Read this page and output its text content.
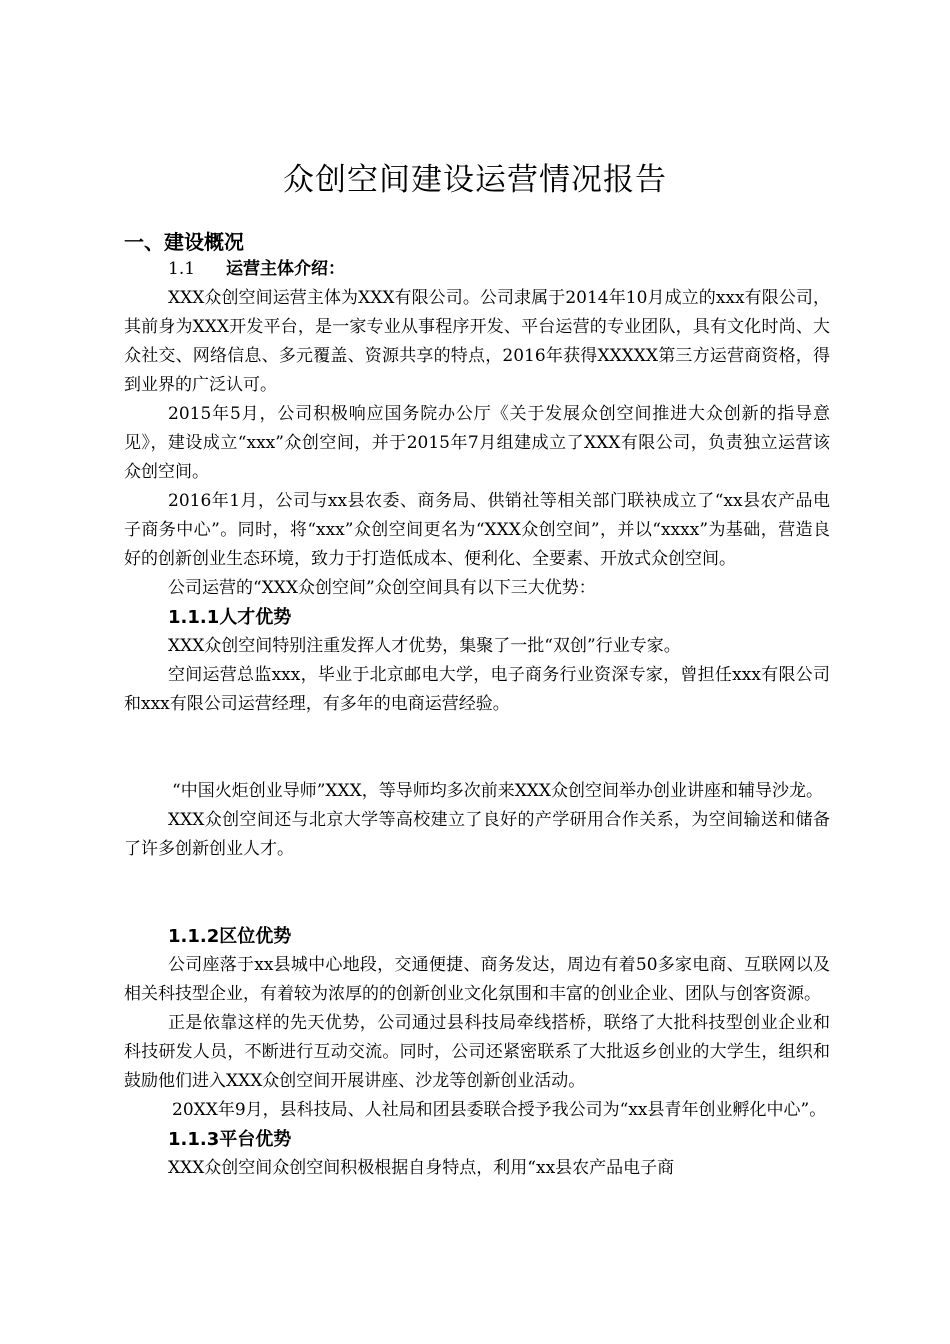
众创空间建设运营情况报告
一、建设概况
1.1 运营主体介绍：

XXX众创空间运营主体为XXX有限公司。公司隶属于2014年10月成立的xxx有限公司，其前身为XXX开发平台，是一家专业从事程序开发、平台运营的专业团队，具有文化时尚、大众社交、网络信息、多元覆盖、资源共享的特点，2016年获得XXXXX第三方运营商资格，得到业界的广泛认可。

2015年5月，公司积极响应国务院办公厅《关于发展众创空间推进大众创新的指导意见》，建设成立“xxx”众创空间，并于2015年7月组建成立了XXX有限公司，负责独立运营该众创空间。

2016年1月，公司与xx县农委、商务局、供销社等相关部门联袂成立了“xx县农产品电子商务中心”。同时，将“xxx”众创空间更名为“XXX众创空间”，并以“xxxx”为基础，营造良好的创新创业生态环境，致力于打造低成本、便利化、全要素、开放式众创空间。

公司运营的“XXX众创空间”众创空间具有以下三大优势：

1.1.1人才优势

XXX众创空间特别注重发挥人才优势，集聚了一批“双创”行业专家。

空间运营总监xxx，毕业于北京邮电大学，电子商务行业资深专家，曾担任xxx有限公司和xxx有限公司运营经理，有多年的电商运营经验。

“中国火炬创业导师”XXX，等导师均多次前来XXX众创空间举办创业讲座和辅导沙龙。

XXX众创空间还与北京大学等高校建立了良好的产学研用合作关系，为空间输送和储备了许多创新创业人才。

1.1.2区位优势

公司座落于xx县城中心地段，交通便捷、商务发达，周边有着50多家电商、互联网以及相关科技型企业，有着较为浓厚的的创新创业文化氛围和丰富的创业企业、团队与创客资源。

正是依靠这样的先天优势，公司通过县科技局牵线搭桥，联络了大批科技型创业企业和科技研发人员，不断进行互动交流。同时，公司还紧密联系了大批返乡创业的大学生，组织和鼓励他们进入XXX众创空间开展讲座、沙龙等创新创业活动。

20XX年9月，县科技局、人社局和团县委联合授予我公司为“xx县青年创业孵化中心”。

1.1.3平台优势

XXX众创空间众创空间积极根据自身特点，利用“xx县农产品电子商
